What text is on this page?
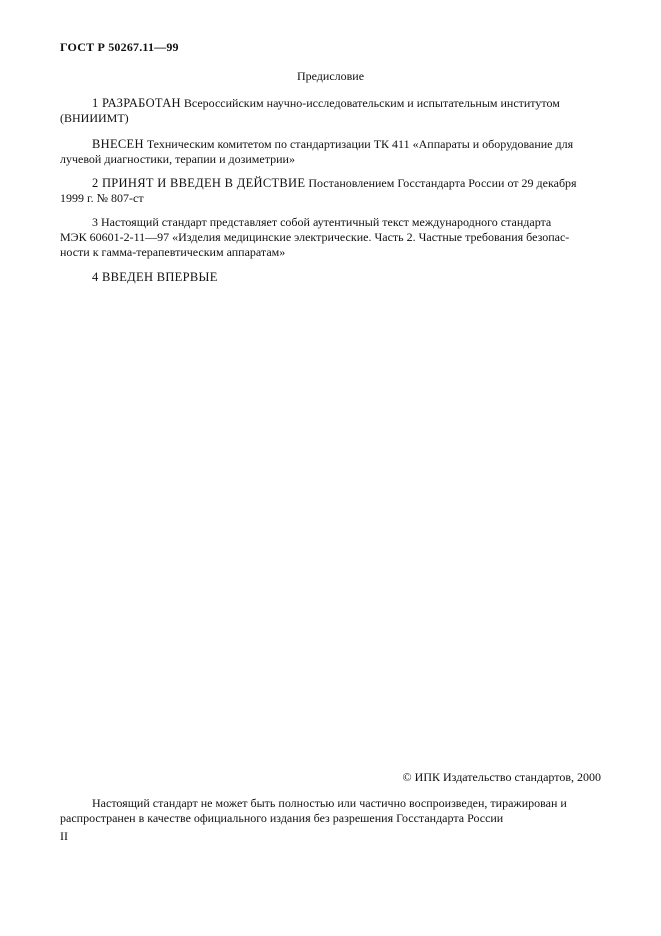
ГОСТ Р 50267.11—99
Предисловие
1 РАЗРАБОТАН Всероссийским научно-исследовательским и испытательным институтом
(ВНИИИМТ)
ВНЕСЕН Техническим комитетом по стандартизации ТК 411 «Аппараты и оборудование для
лучевой диагностики, терапии и дозиметрии»
2 ПРИНЯТ И ВВЕДЕН В ДЕЙСТВИЕ Постановлением Госстандарта России от 29 декабря
1999 г. № 807-ст
3 Настоящий стандарт представляет собой аутентичный текст международного стандарта
МЭК 60601-2-11—97 «Изделия медицинские электрические. Часть 2. Частные требования безопас-
ности к гамма-терапевтическим аппаратам»
4 ВВЕДЕН ВПЕРВЫЕ
© ИПК Издательство стандартов, 2000
Настоящий стандарт не может быть полностью или частично воспроизведен, тиражирован и
распространен в качестве официального издания без разрешения Госстандарта России
II
